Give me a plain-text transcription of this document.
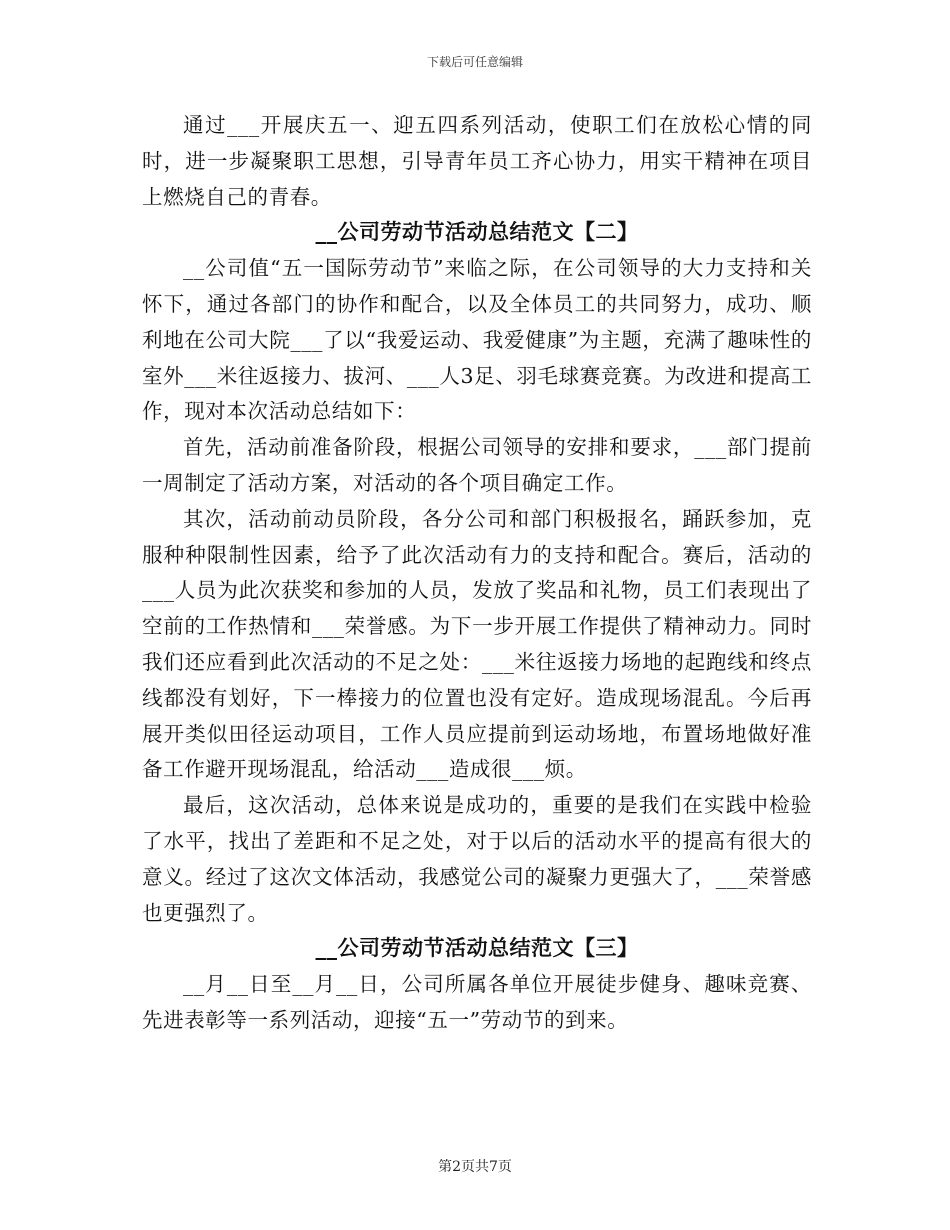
下载后可任意编辑

通过___开展庆五一、迎五四系列活动，使职工们在放松心情的同时，进一步凝聚职工思想，引导青年员工齐心协力，用实干精神在项目上燃烧自己的青春。

__公司劳动节活动总结范文【二】

__公司值“五一国际劳动节”来临之际，在公司领导的大力支持和关怀下，通过各部门的协作和配合，以及全体员工的共同努力，成功、顺利地在公司大院___了以“我爱运动、我爱健康”为主题，充满了趣味性的室外___米往返接力、拔河、___人3足、羽毛球赛竞赛。为改进和提高工作，现对本次活动总结如下：

首先，活动前准备阶段，根据公司领导的安排和要求，___部门提前一周制定了活动方案，对活动的各个项目确定工作。

其次，活动前动员阶段，各分公司和部门积极报名，踊跃参加，克服种种限制性因素，给予了此次活动有力的支持和配合。赛后，活动的___人员为此次获奖和参加的人员，发放了奖品和礼物，员工们表现出了空前的工作热情和___荣誉感。为下一步开展工作提供了精神动力。同时我们还应看到此次活动的不足之处：___米往返接力场地的起跑线和终点线都没有划好，下一棒接力的位置也没有定好。造成现场混乱。今后再展开类似田径运动项目，工作人员应提前到运动场地，布置场地做好准备工作避开现场混乱，给活动___造成很___烦。

最后，这次活动，总体来说是成功的，重要的是我们在实践中检验了水平，找出了差距和不足之处，对于以后的活动水平的提高有很大的意义。经过了这次文体活动，我感觉公司的凝聚力更强大了，___荣誉感也更强烈了。

__公司劳动节活动总结范文【三】

__月__日至__月__日，公司所属各单位开展徒步健身、趣味竞赛、先进表彰等一系列活动，迎接“五一”劳动节的到来。

第2页共7页
